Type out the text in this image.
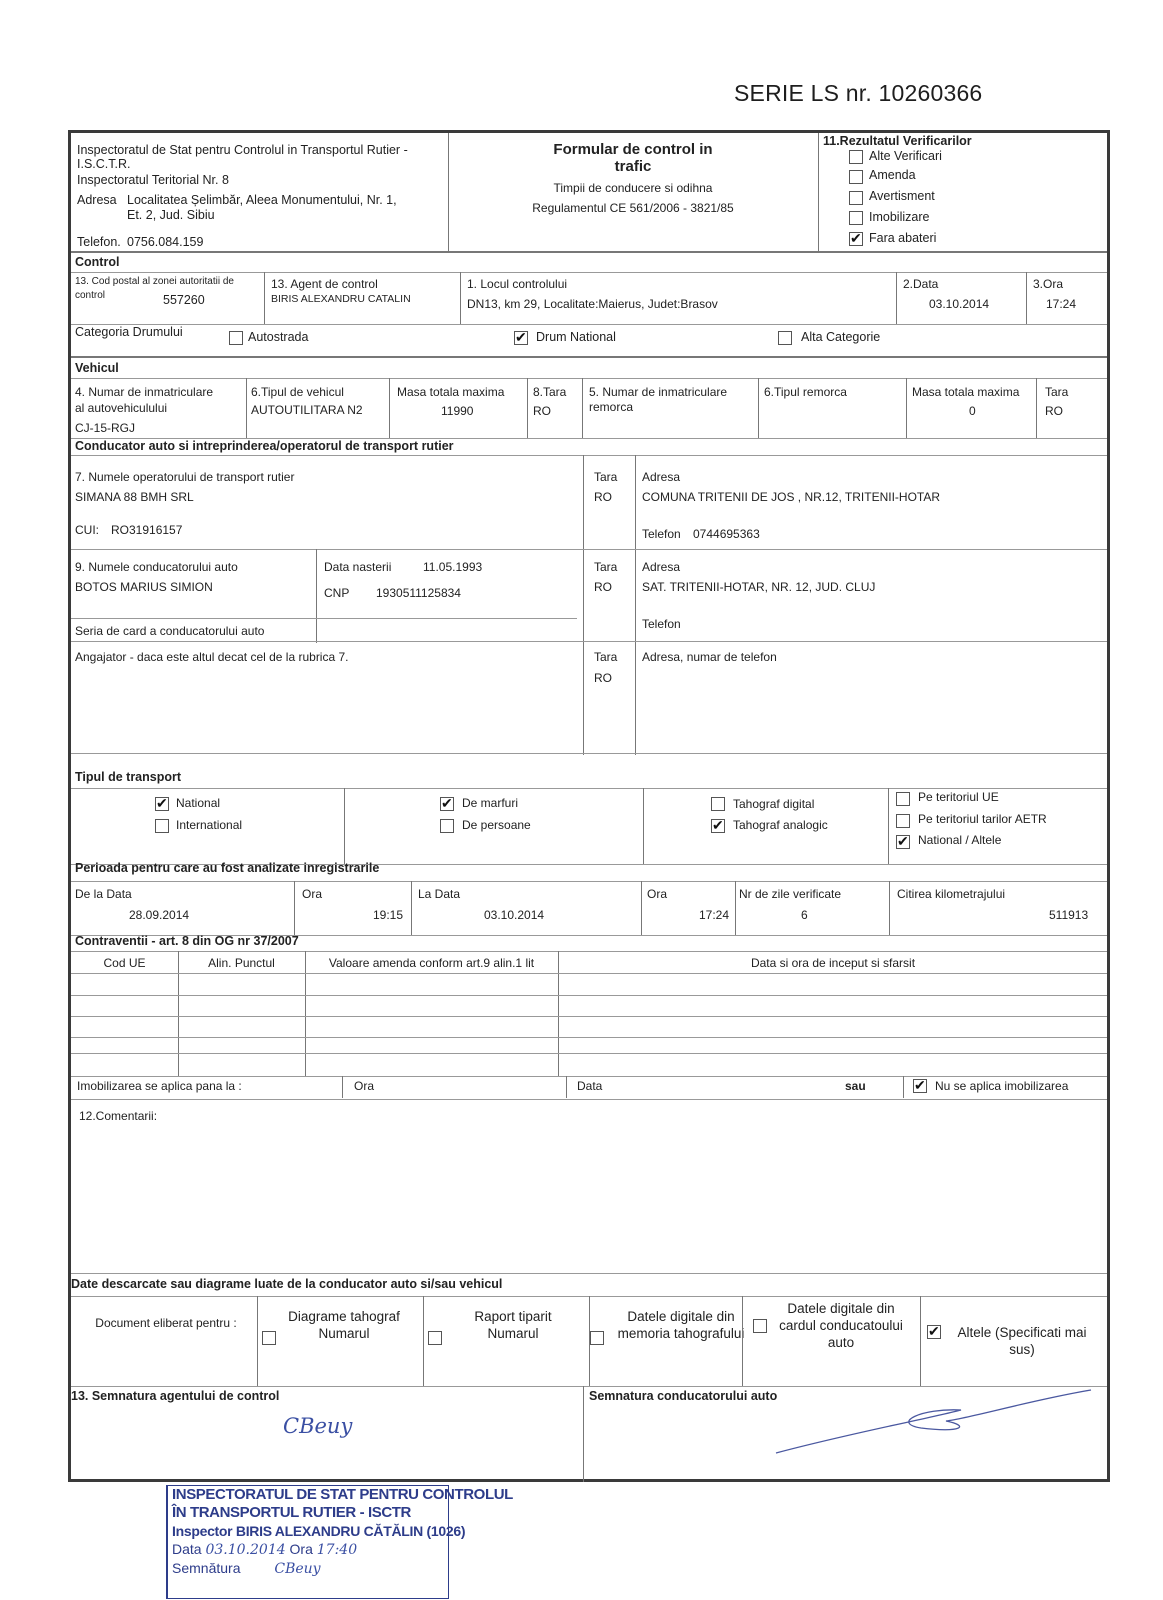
SERIE LS nr. 10260366
Inspectoratul de Stat pentru Controlul in Transportul Rutier -
I.S.C.T.R.
Inspectoratul Teritorial Nr. 8
Adresa Localitatea Șelimbăr, Aleea Monumentului, Nr. 1,
Et. 2, Jud. Sibiu
Telefon. 0756.084.159
Formular de control in
trafic
Timpii de conducere si odihna
Regulamentul CE 561/2006 - 3821/85
11.Rezultatul Verificarilor
Alte Verificari
Amenda
Avertisment
Imobilizare
✔
Fara abateri
Control
13. Cod postal al zonei autoritatii de
control	557260
13. Agent de control
BIRIS ALEXANDRU CATALIN
1. Locul controlului
DN13, km 29, Localitate:Maierus, Judet:Brasov
2.Data
03.10.2014
3.Ora
17:24
Categoria Drumului	Autostrada ✔	Drum National	Alta Categorie
Vehicul
4. Numar de inmatriculare
al autovehiculului
CJ-15-RGJ
6.Tipul de vehicul
AUTOUTILITARA N2
Masa totala maxima
11990
8.Tara
RO
5. Numar de inmatriculare
remorca
6.Tipul remorca	Masa totala maxima
0
Tara
RO
Conducator auto si intreprinderea/operatorul de transport rutier
7. Numele operatorului de transport rutier
SIMANA 88 BMH SRL
CUI: RO31916157
Tara
RO
Adresa
COMUNA TRITENII DE JOS , NR.12, TRITENII-HOTAR
Telefon 0744695363
9. Numele conducatorului auto
BOTOS MARIUS SIMION
Data nasterii	11.05.1993
CNP 1930511125834
Seria de card a conducatorului auto
Tara
RO
Adresa
SAT. TRITENII-HOTAR, NR. 12, JUD. CLUJ
Telefon
Angajator - daca este altul decat cel de la rubrica 7.	Tara
RO
Adresa, numar de telefon
Tipul de transport
✔
National
International
✔
De marfuri
De persoane
Tahograf digital
✔
Tahograf analogic
Pe teritoriul UE
Pe teritoriul tarilor AETR
✔
National / Altele
Perioada pentru care au fost analizate inregistrarile
De la Data
28.09.2014
Ora
19:15
La Data
03.10.2014
Ora
17:24
Nr de zile verificate
6
Citirea kilometrajului
511913
Contraventii - art. 8 din OG nr 37/2007
Cod UE	Alin. Punctul	Valoare amenda conform art.9 alin.1 lit	Data si ora de inceput si sfarsit
Imobilizarea se aplica pana la :	Ora	Data	sau ✔	Nu se aplica imobilizarea
12.Comentarii:
Date descarcate sau diagrame luate de la conducator auto si/sau vehicul
Document eliberat pentru :	Diagrame tahograf Numarul
Raport tiparit Numarul
Datele digitale din memoria tahografului
Datele digitale din cardul conducatoului auto
✔
Altele (Specificati mai sus)
13. Semnatura agentului de control	Semnatura conducatorului auto
CBeuy
INSPECTORATUL DE STAT PENTRU CONTROLUL
ÎN TRANSPORTUL RUTIER - ISCTR
Inspector BIRIS ALEXANDRU CĂTĂLIN (1026)
Data 03.10.2014 Ora 17:40
Semnătura CBeuy
